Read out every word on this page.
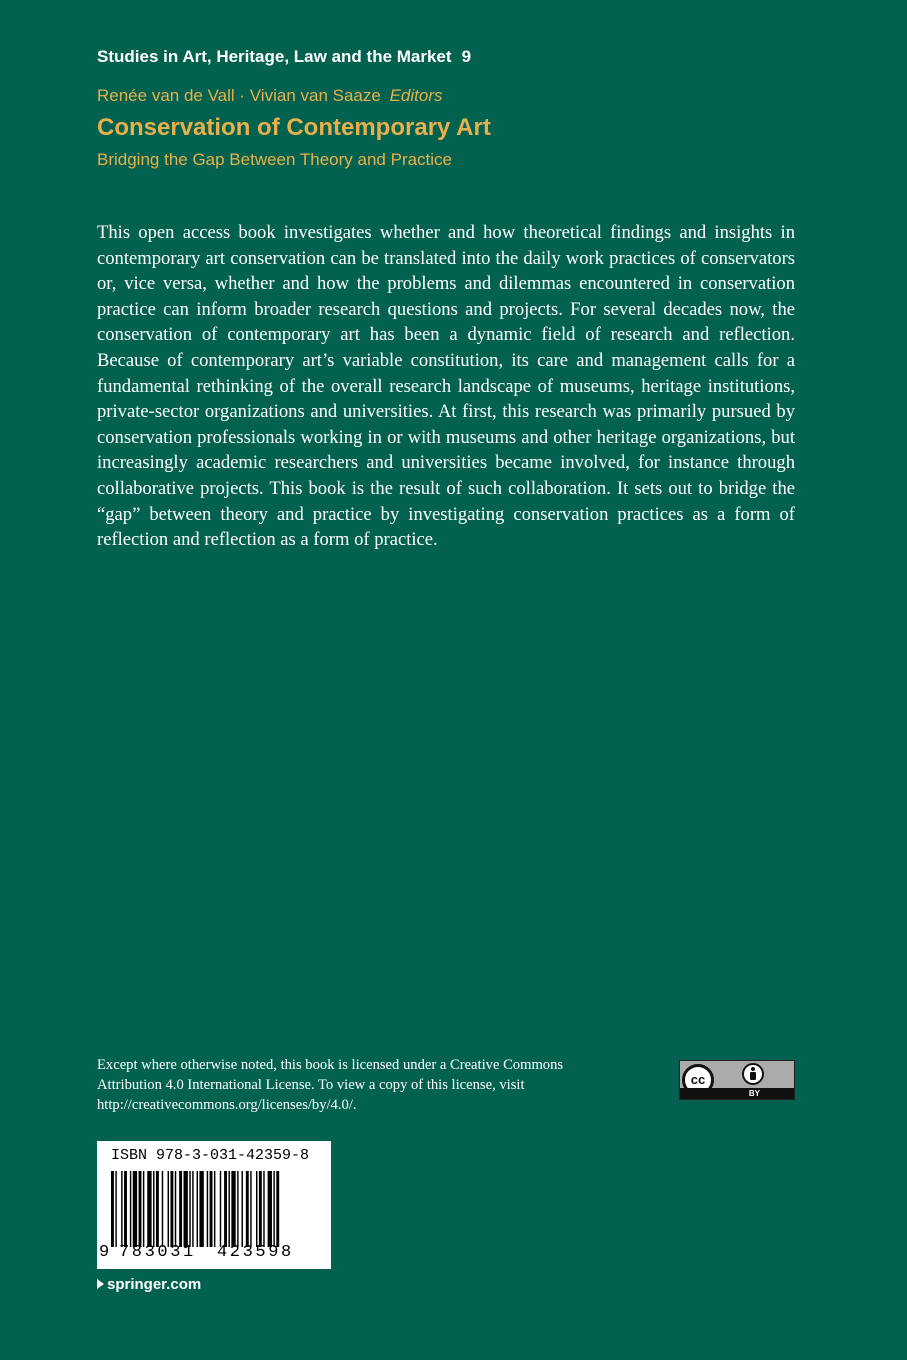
Studies in Art, Heritage, Law and the Market 9
Renée van de Vall · Vivian van Saaze Editors
Conservation of Contemporary Art
Bridging the Gap Between Theory and Practice

This open access book investigates whether and how theoretical findings and insights in contemporary art conservation can be translated into the daily work practices of conservators or, vice versa, whether and how the problems and dilemmas encountered in conservation practice can inform broader research questions and projects. For several decades now, the conservation of contemporary art has been a dynamic field of research and reflection. Because of contemporary art’s variable constitution, its care and management calls for a fundamental rethinking of the overall research landscape of museums, heritage institutions, private-sector organizations and universities. At first, this research was primarily pursued by conservation professionals working in or with museums and other heritage organizations, but increasingly academic researchers and universities became involved, for instance through collaborative projects. This book is the result of such collaboration. It sets out to bridge the “gap” between theory and practice by investigating conservation practices as a form of reflection and reflection as a form of practice.

Except where otherwise noted, this book is licensed under a Creative Commons Attribution 4.0 International License. To view a copy of this license, visit http://creativecommons.org/licenses/by/4.0/.

cc
BY
ISBN 978-3-031-42359-8
9 783031 423598
springer.com
